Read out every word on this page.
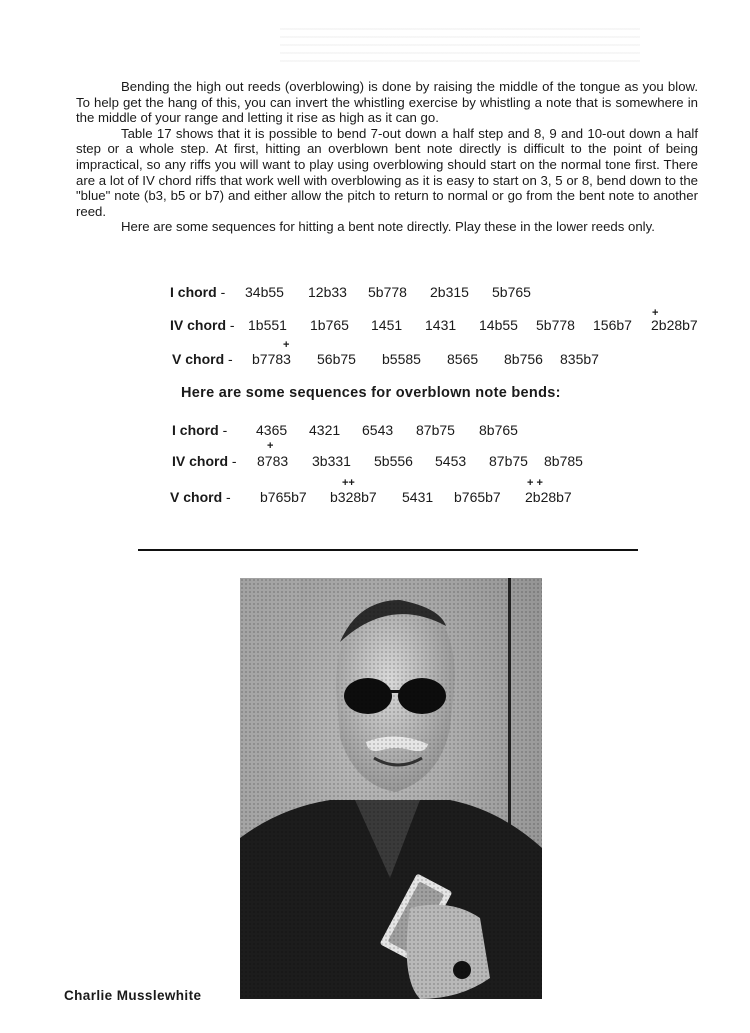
Bending the high out reeds (overblowing) is done by raising the middle of the tongue as you blow. To help get the hang of this, you can invert the whistling exercise by whistling a note that is somewhere in the middle of your range and letting it rise as high as it can go.

Table 17 shows that it is possible to bend 7-out down a half step and 8, 9 and 10-out down a half step or a whole step. At first, hitting an overblown bent note directly is difficult to the point of being impractical, so any riffs you will want to play using overblowing should start on the normal tone first. There are a lot of IV chord riffs that work well with overblowing as it is easy to start on 3, 5 or 8, bend down to the "blue" note (b3, b5 or b7) and either allow the pitch to return to normal or go from the bent note to another reed.

Here are some sequences for hitting a bent note directly. Play these in the lower reeds only.

I chord - 34b55 12b33 5b778 2b315 5b765
IV chord - 1b551 1b765 1451 1431 14b55 5b778 156b7 2b28b7
+
V chord - b7783 56b75 b5585 8565 8b756 835b7
+
Here are some sequences for overblown note bends:
I chord - 4365 4321 6543 87b75 8b765
IV chord - 8783 3b331 5b556 5453 87b75 8b785
+
V chord - b765b7 b328b7 5431 b765b7 2b28b7
++	+ +
Charlie Musslewhite
